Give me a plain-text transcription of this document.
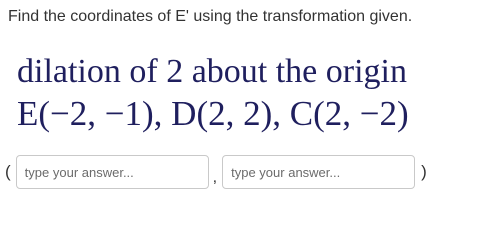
Find the coordinates of E' using the transformation given.
dilation of 2 about the origin
E(−2, −1), D(2, 2), C(2, −2)
(
type your answer...	,
type your answer...	)
